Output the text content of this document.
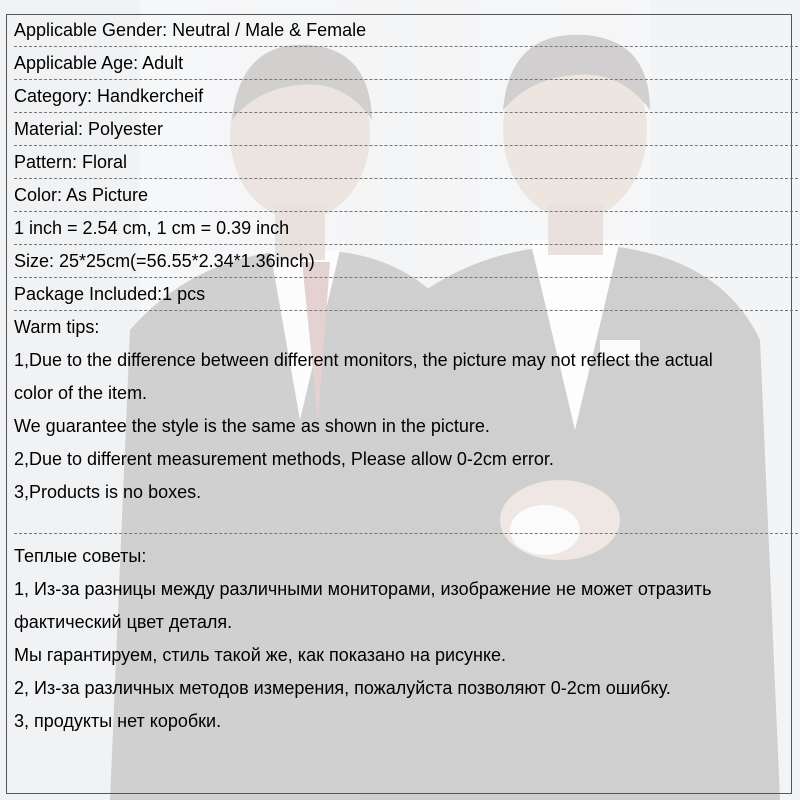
Applicable Gender: Neutral / Male & Female
Applicable Age: Adult
Category: Handkercheif
Material: Polyester
Pattern: Floral
Color: As Picture
1 inch = 2.54 cm, 1 cm = 0.39 inch
Size: 25*25cm(=56.55*2.34*1.36inch)
Package Included:1 pcs
Warm tips:
1,Due to the difference between different monitors, the picture may not reflect the actual
color of the item.
We guarantee the style is the same as shown in the picture.
2,Due to different measurement methods, Please allow 0-2cm error.
3,Products is no boxes.
Теплые советы:
1, Из-за разницы между различными мониторами, изображение не может отразить
фактический цвет деталя.
Мы гарантируем, стиль такой же, как показано на рисунке.
2, Из-за различных методов измерения, пожалуйста позволяют 0-2cm ошибку.
3, продукты нет коробки.
